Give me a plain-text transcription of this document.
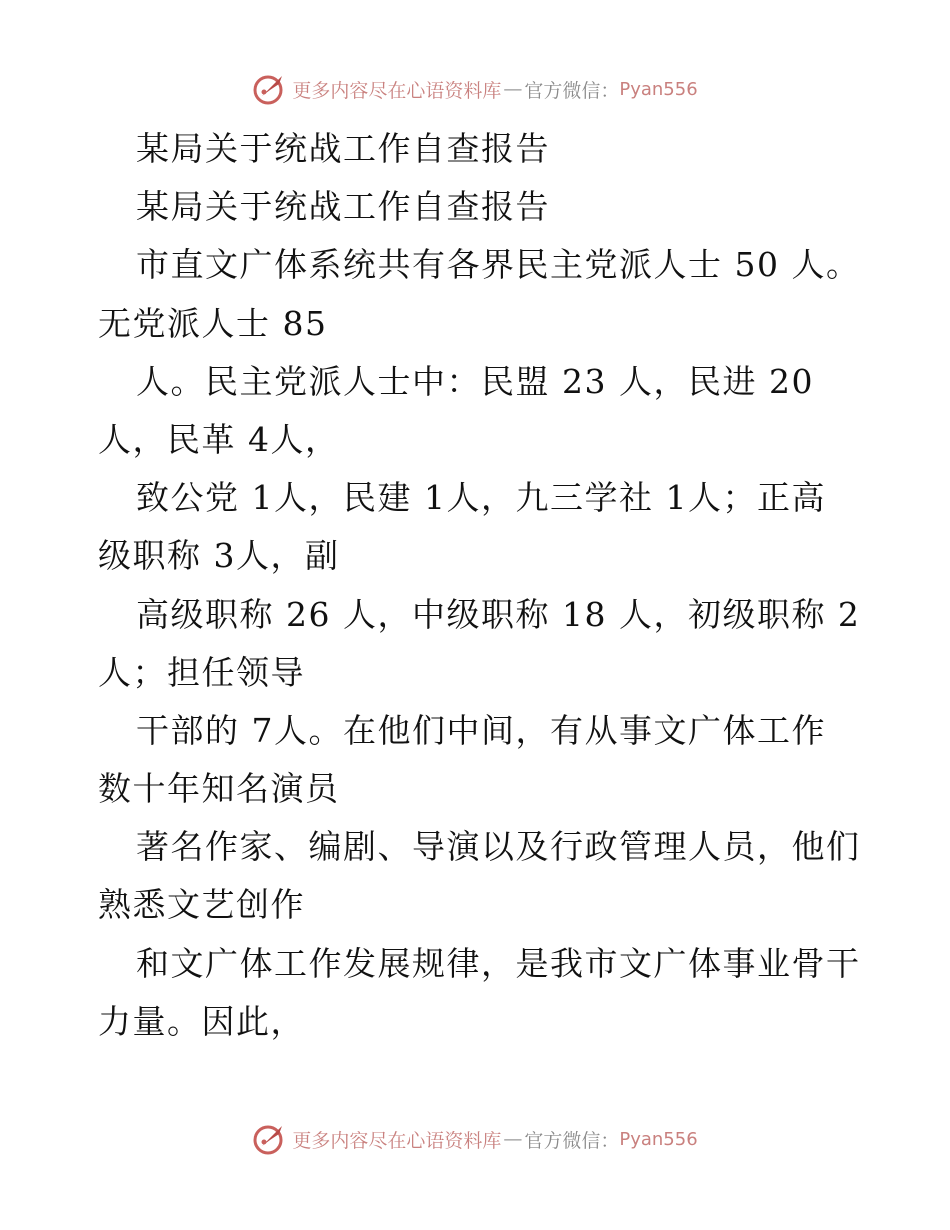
更多内容尽在心语资料库 — 官方微信： Pyan556
某局关于统战工作自查报告
某局关于统战工作自查报告
市直文广体系统共有各界民主党派人士 50 人。
无党派人士 85
人。民主党派人士中：民盟 23 人，民进 20
人，民革 4人，
致公党 1人，民建 1人，九三学社 1人；正高
级职称 3人，副
高级职称 26 人，中级职称 18 人，初级职称 2
人；担任领导
干部的 7人。在他们中间，有从事文广体工作
数十年知名演员
著名作家、编剧、导演以及行政管理人员，他们
熟悉文艺创作
和文广体工作发展规律，是我市文广体事业骨干
力量。因此，
更多内容尽在心语资料库 — 官方微信： Pyan556
